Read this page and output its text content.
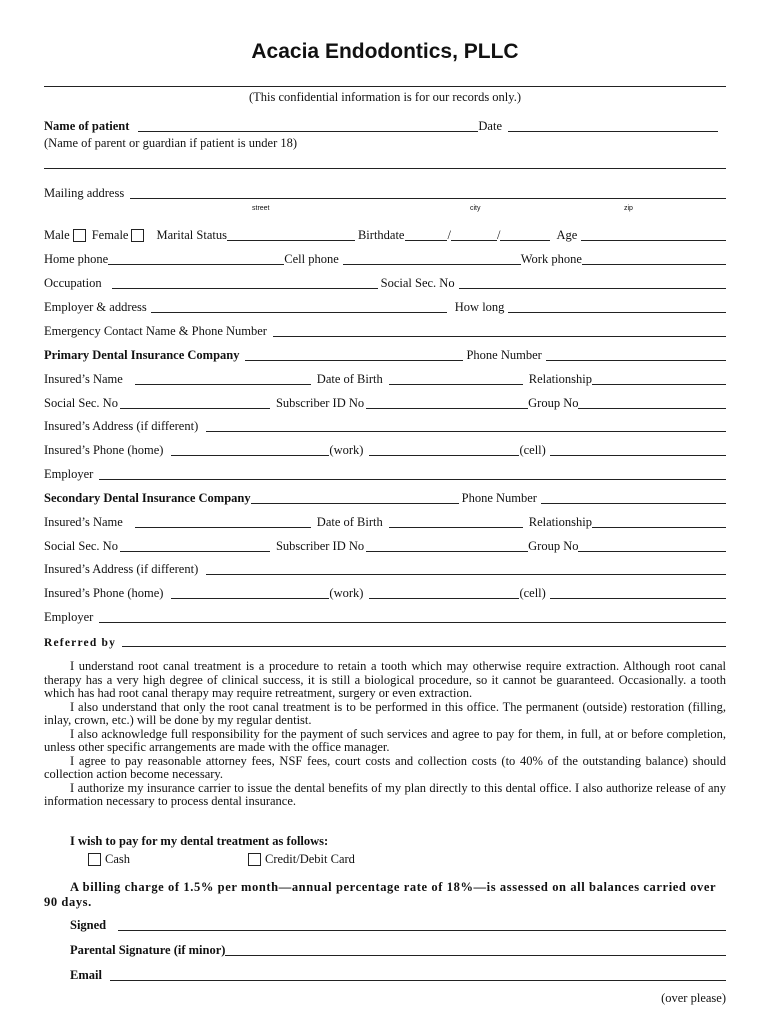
Acacia Endodontics, PLLC
(This confidential information is for our records only.)
Name of patient	Date
(Name of parent or guardian if patient is under 18)
Mailing address
street	city	zip
Male Female Marital Status	Birthdate	/	/	Age
Home phone	Cell phone	Work phone
Occupation	Social Sec. No
Employer & address	How long
Emergency Contact Name & Phone Number
Primary Dental Insurance Company	Phone Number
Insured’s Name	Date of Birth	Relationship
Social Sec. No	Subscriber ID No	Group No
Insured’s Address (if different)
Insured’s Phone (home)	(work)	(cell)
Employer
Secondary Dental Insurance Company	Phone Number
Insured’s Name	Date of Birth	Relationship
Social Sec. No	Subscriber ID No	Group No
Insured’s Address (if different)
Insured’s Phone (home)	(work)	(cell)
Employer
Referred by

I understand root canal treatment is a procedure to retain a tooth which may otherwise require extraction. Although root canal therapy has a very high degree of clinical success, it is still a biological procedure, so it cannot be guaranteed. Occasionally. a tooth which has had root canal therapy may require retreatment, surgery or even extraction.

I also understand that only the root canal treatment is to be performed in this office. The permanent (outside) restoration (filling, inlay, crown, etc.) will be done by my regular dentist.

I also acknowledge full responsibility for the payment of such services and agree to pay for them, in full, at or before completion, unless other specific arrangements are made with the office manager.

I agree to pay reasonable attorney fees, NSF fees, court costs and collection costs (to 40% of the outstanding balance) should collection action become necessary.

I authorize my insurance carrier to issue the dental benefits of my plan directly to this dental office. I also authorize release of any information necessary to process dental insurance.

I wish to pay for my dental treatment as follows:
Cash	Credit/Debit Card
A billing charge of 1.5% per month—annual percentage rate of 18%—is assessed on all balances carried over 90 days.
Signed
Parental Signature (if minor)
Email
(over please)
